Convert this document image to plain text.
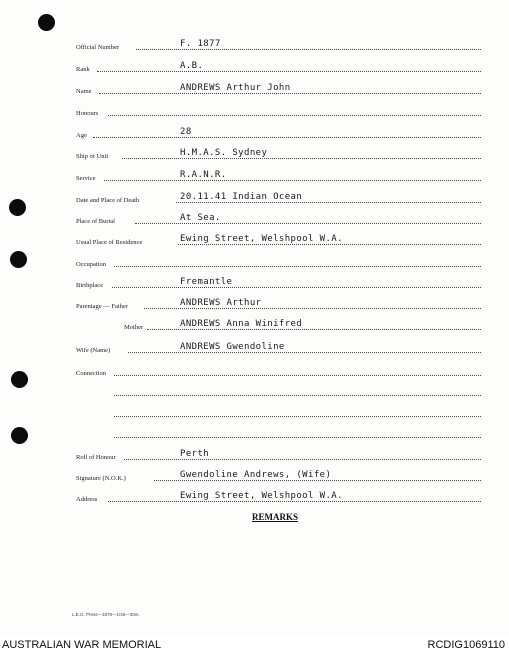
Official Number	F. 1877
Rank	A.B.
Name	ANDREWS Arthur John
Honours
Age	28
Ship or Unit	H.M.A.S. Sydney
Service	R.A.N.R.
Date and Place of Death	20.11.41 Indian Ocean
Place of Burial	At Sea.
Usual Place of Residence	Ewing Street, Welshpool W.A.
Occupation
Birthplace	Fremantle
Parentage — Father	ANDREWS Arthur
Mother	ANDREWS Anna Winifred
Wife (Name)	ANDREWS Gwendoline
Connection
Roll of Honour	Perth
Signature (N.O.K.)	Gwendoline Andrews, (Wife)
Address	Ewing Street, Welshpool W.A.
REMARKS
L.E.G. Press—1878—1/45—30m.
AUSTRALIAN WAR MEMORIAL	RCDIG1069110
